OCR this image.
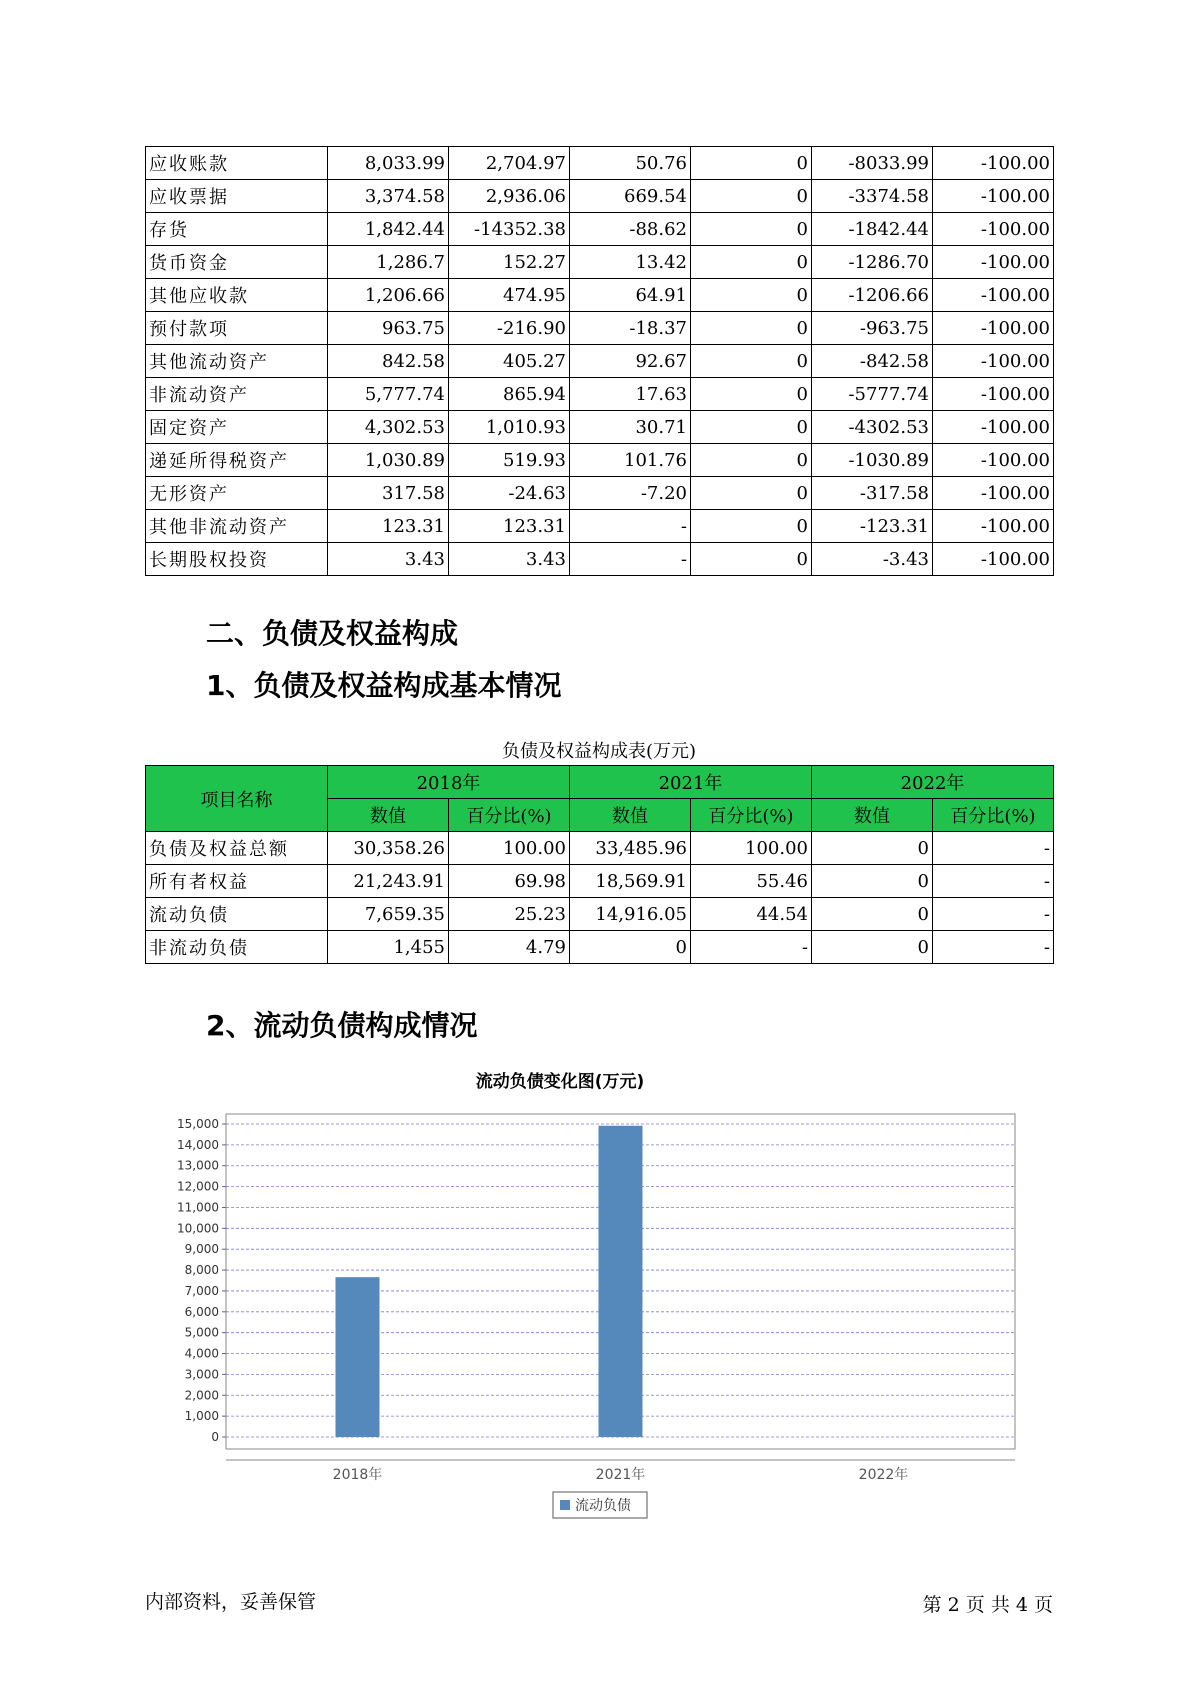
应收账款	8,033.99	2,704.97	50.76	0	-8033.99	-100.00
应收票据	3,374.58	2,936.06	669.54	0	-3374.58	-100.00
存货	1,842.44	-14352.38	-88.62	0	-1842.44	-100.00
货币资金	1,286.7	152.27	13.42	0	-1286.70	-100.00
其他应收款	1,206.66	474.95	64.91	0	-1206.66	-100.00
预付款项	963.75	-216.90	-18.37	0	-963.75	-100.00
其他流动资产	842.58	405.27	92.67	0	-842.58	-100.00
非流动资产	5,777.74	865.94	17.63	0	-5777.74	-100.00
固定资产	4,302.53	1,010.93	30.71	0	-4302.53	-100.00
递延所得税资产	1,030.89	519.93	101.76	0	-1030.89	-100.00
无形资产	317.58	-24.63	-7.20	0	-317.58	-100.00
其他非流动资产	123.31	123.31	-	0	-123.31	-100.00
长期股权投资	3.43	3.43	-	0	-3.43	-100.00
二、负债及权益构成
1、负债及权益构成基本情况
负债及权益构成表(万元)
项目名称	2018年		2021年		2022年	
	数值	百分比(%)	数值	百分比(%)	数值	百分比(%)
负债及权益总额	30,358.26	100.00	33,485.96	100.00	0	-
所有者权益	21,243.91	69.98	18,569.91	55.46	0	-
流动负债	7,659.35	25.23	14,916.05	44.54	0	-
非流动负债	1,455	4.79	0	-	0	-
2、流动负债构成情况
流动负债变化图(万元)
0
1,000
2,000
3,000
4,000
5,000
6,000
7,000
8,000
9,000
10,000
11,000
12,000
13,000
14,000
15,000
2018年	2021年	2022年
流动负债
内部资料，妥善保管	第 2 页 共 4 页
